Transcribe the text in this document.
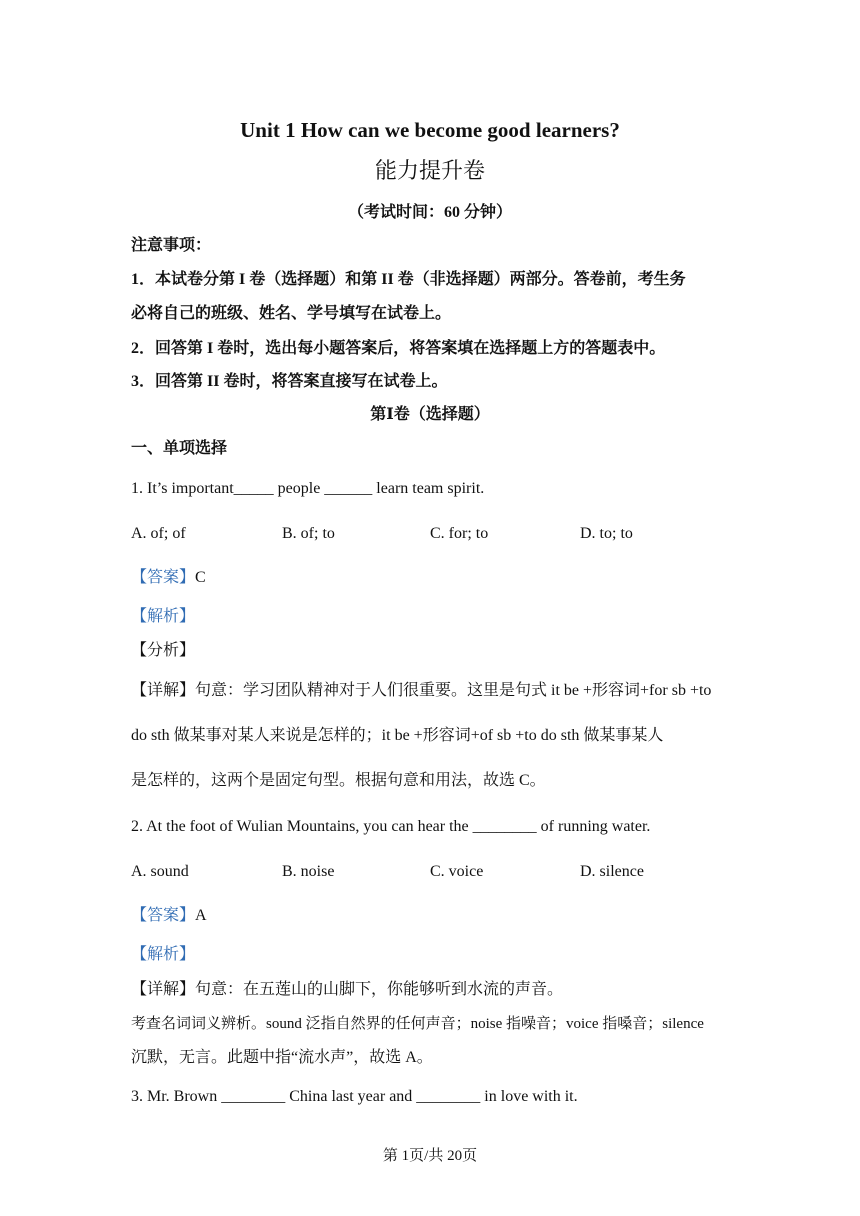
Unit 1 How can we become good learners?
能力提升卷
（考试时间：60 分钟）
注意事项：
1．本试卷分第 I 卷（选择题）和第 II 卷（非选择题）两部分。答卷前，考生务
必将自己的班级、姓名、学号填写在试卷上。
2．回答第 I 卷时，选出每小题答案后，将答案填在选择题上方的答题表中。
3．回答第 II 卷时，将答案直接写在试卷上。
第Ⅰ卷（选择题）
一、单项选择
1. It’s important_____ people ______ learn team spirit.
A. of; of	B. of; to	C. for; to	D. to; to
【答案】C
【解析】
【分析】
【详解】句意：学习团队精神对于人们很重要。这里是句式 it be +形容词+for sb +to
do sth 做某事对某人来说是怎样的；it be +形容词+of sb +to do sth 做某事某人
是怎样的，这两个是固定句型。根据句意和用法，故选 C。
2. At the foot of Wulian Mountains, you can hear the ________ of running water.
A. sound	B. noise	C. voice	D. silence
【答案】A
【解析】
【详解】句意：在五莲山的山脚下，你能够听到水流的声音。
考查名词词义辨析。sound 泛指自然界的任何声音；noise 指噪音；voice 指嗓音；silence
沉默，无言。此题中指“流水声”，故选 A。
3. Mr. Brown ________ China last year and ________ in love with it.
第 1页/共 20页
